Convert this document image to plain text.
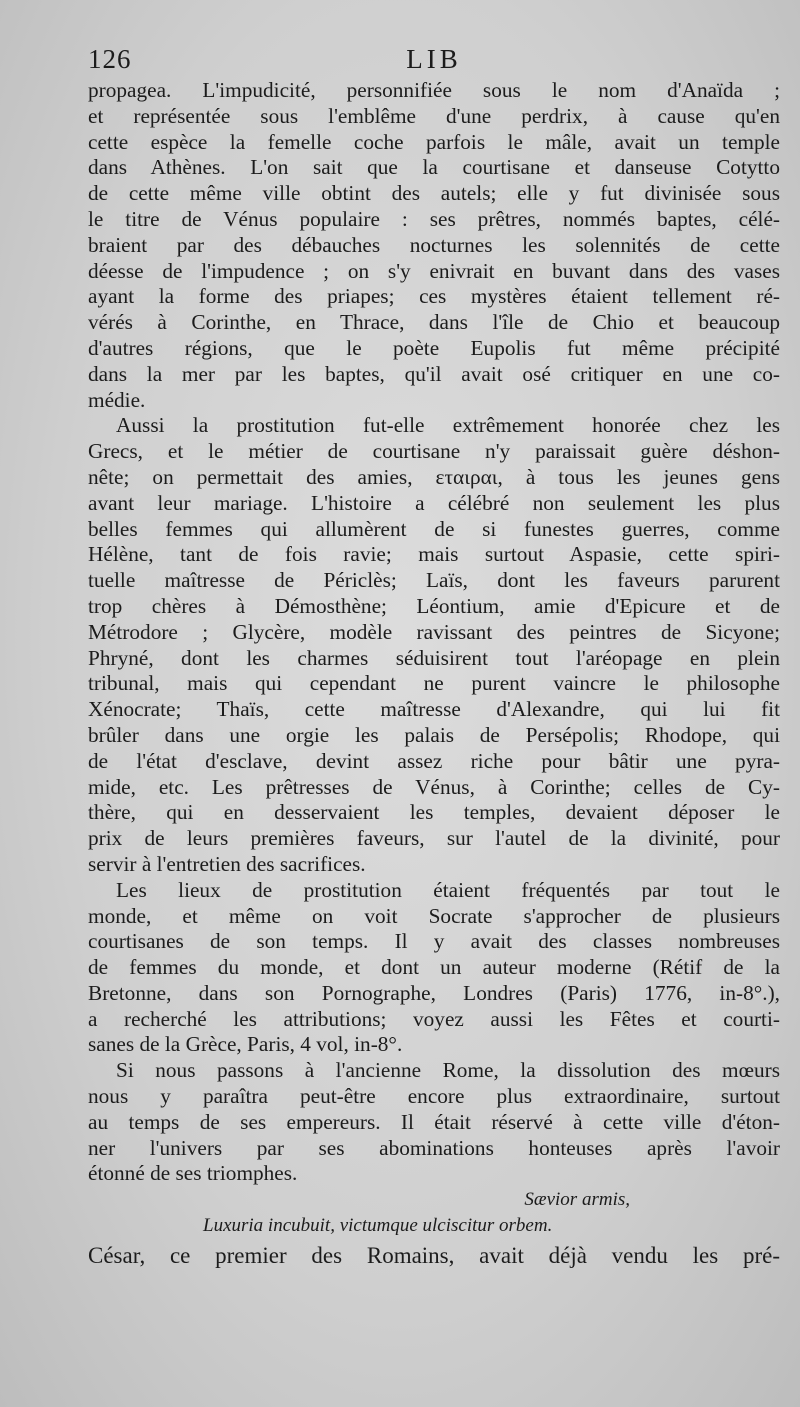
126	LIB
propagea. L'impudicité, personnifiée sous le nom d'Anaïda ;
et représentée sous l'emblême d'une perdrix, à cause qu'en
cette espèce la femelle coche parfois le mâle, avait un temple
dans Athènes. L'on sait que la courtisane et danseuse Cotytto
de cette même ville obtint des autels; elle y fut divinisée sous
le titre de Vénus populaire : ses prêtres, nommés baptes, célé-
braient par des débauches nocturnes les solennités de cette
déesse de l'impudence ; on s'y enivrait en buvant dans des vases
ayant la forme des priapes; ces mystères étaient tellement ré-
vérés à Corinthe, en Thrace, dans l'île de Chio et beaucoup
d'autres régions, que le poète Eupolis fut même précipité
dans la mer par les baptes, qu'il avait osé critiquer en une co-
médie.
Aussi la prostitution fut-elle extrêmement honorée chez les
Grecs, et le métier de courtisane n'y paraissait guère déshon-
nête; on permettait des amies, εταιραι, à tous les jeunes gens
avant leur mariage. L'histoire a célébré non seulement les plus
belles femmes qui allumèrent de si funestes guerres, comme
Hélène, tant de fois ravie; mais surtout Aspasie, cette spiri-
tuelle maîtresse de Périclès; Laïs, dont les faveurs parurent
trop chères à Démosthène; Léontium, amie d'Epicure et de
Métrodore ; Glycère, modèle ravissant des peintres de Sicyone;
Phryné, dont les charmes séduisirent tout l'aréopage en plein
tribunal, mais qui cependant ne purent vaincre le philosophe
Xénocrate; Thaïs, cette maîtresse d'Alexandre, qui lui fit
brûler dans une orgie les palais de Persépolis; Rhodope, qui
de l'état d'esclave, devint assez riche pour bâtir une pyra-
mide, etc. Les prêtresses de Vénus, à Corinthe; celles de Cy-
thère, qui en desservaient les temples, devaient déposer le
prix de leurs premières faveurs, sur l'autel de la divinité, pour
servir à l'entretien des sacrifices.
Les lieux de prostitution étaient fréquentés par tout le
monde, et même on voit Socrate s'approcher de plusieurs
courtisanes de son temps. Il y avait des classes nombreuses
de femmes du monde, et dont un auteur moderne (Rétif de la
Bretonne, dans son Pornographe, Londres (Paris) 1776, in-8°.),
a recherché les attributions; voyez aussi les Fêtes et courti-
sanes de la Grèce, Paris, 4 vol, in-8°.
Si nous passons à l'ancienne Rome, la dissolution des mœurs
nous y paraîtra peut-être encore plus extraordinaire, surtout
au temps de ses empereurs. Il était réservé à cette ville d'éton-
ner l'univers par ses abominations honteuses après l'avoir
étonné de ses triomphes.
Sævior armis,
Luxuria incubuit, victumque ulciscitur orbem.
César, ce premier des Romains, avait déjà vendu les pré-
